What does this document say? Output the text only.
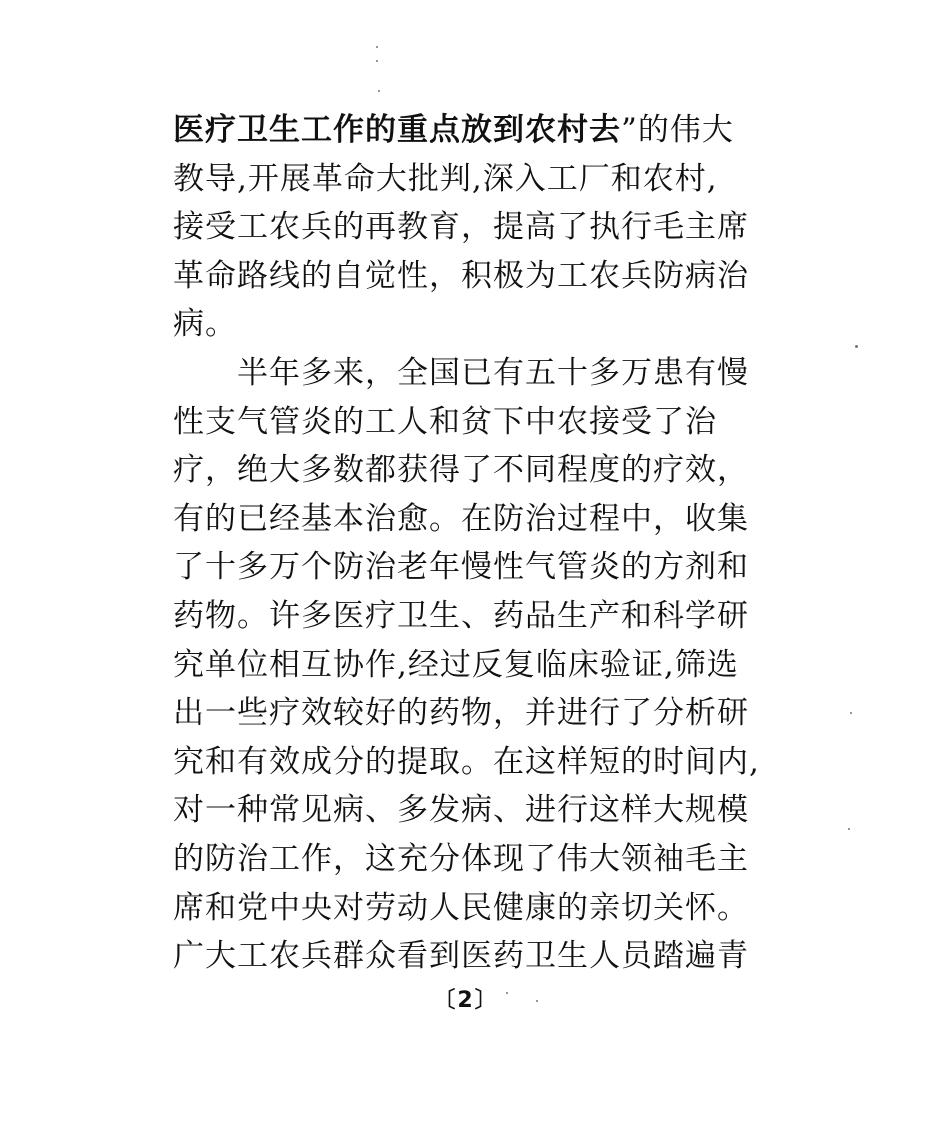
医疗卫生工作的重点放到农村去”的伟大
教导,开展革命大批判,深入工厂和农村,
接受工农兵的再教育，提高了执行毛主席
革命路线的自觉性，积极为工农兵防病治
病。
　　半年多来，全国已有五十多万患有慢
性支气管炎的工人和贫下中农接受了治
疗，绝大多数都获得了不同程度的疗效，
有的已经基本治愈。在防治过程中，收集
了十多万个防治老年慢性气管炎的方剂和
药物。许多医疗卫生、药品生产和科学研
究单位相互协作,经过反复临床验证,筛选
出一些疗效较好的药物，并进行了分析研
究和有效成分的提取。在这样短的时间内,
对一种常见病、多发病、进行这样大规模
的防治工作，这充分体现了伟大领袖毛主
席和党中央对劳动人民健康的亲切关怀。
广大工农兵群众看到医药卫生人员踏遍青
〔2〕
